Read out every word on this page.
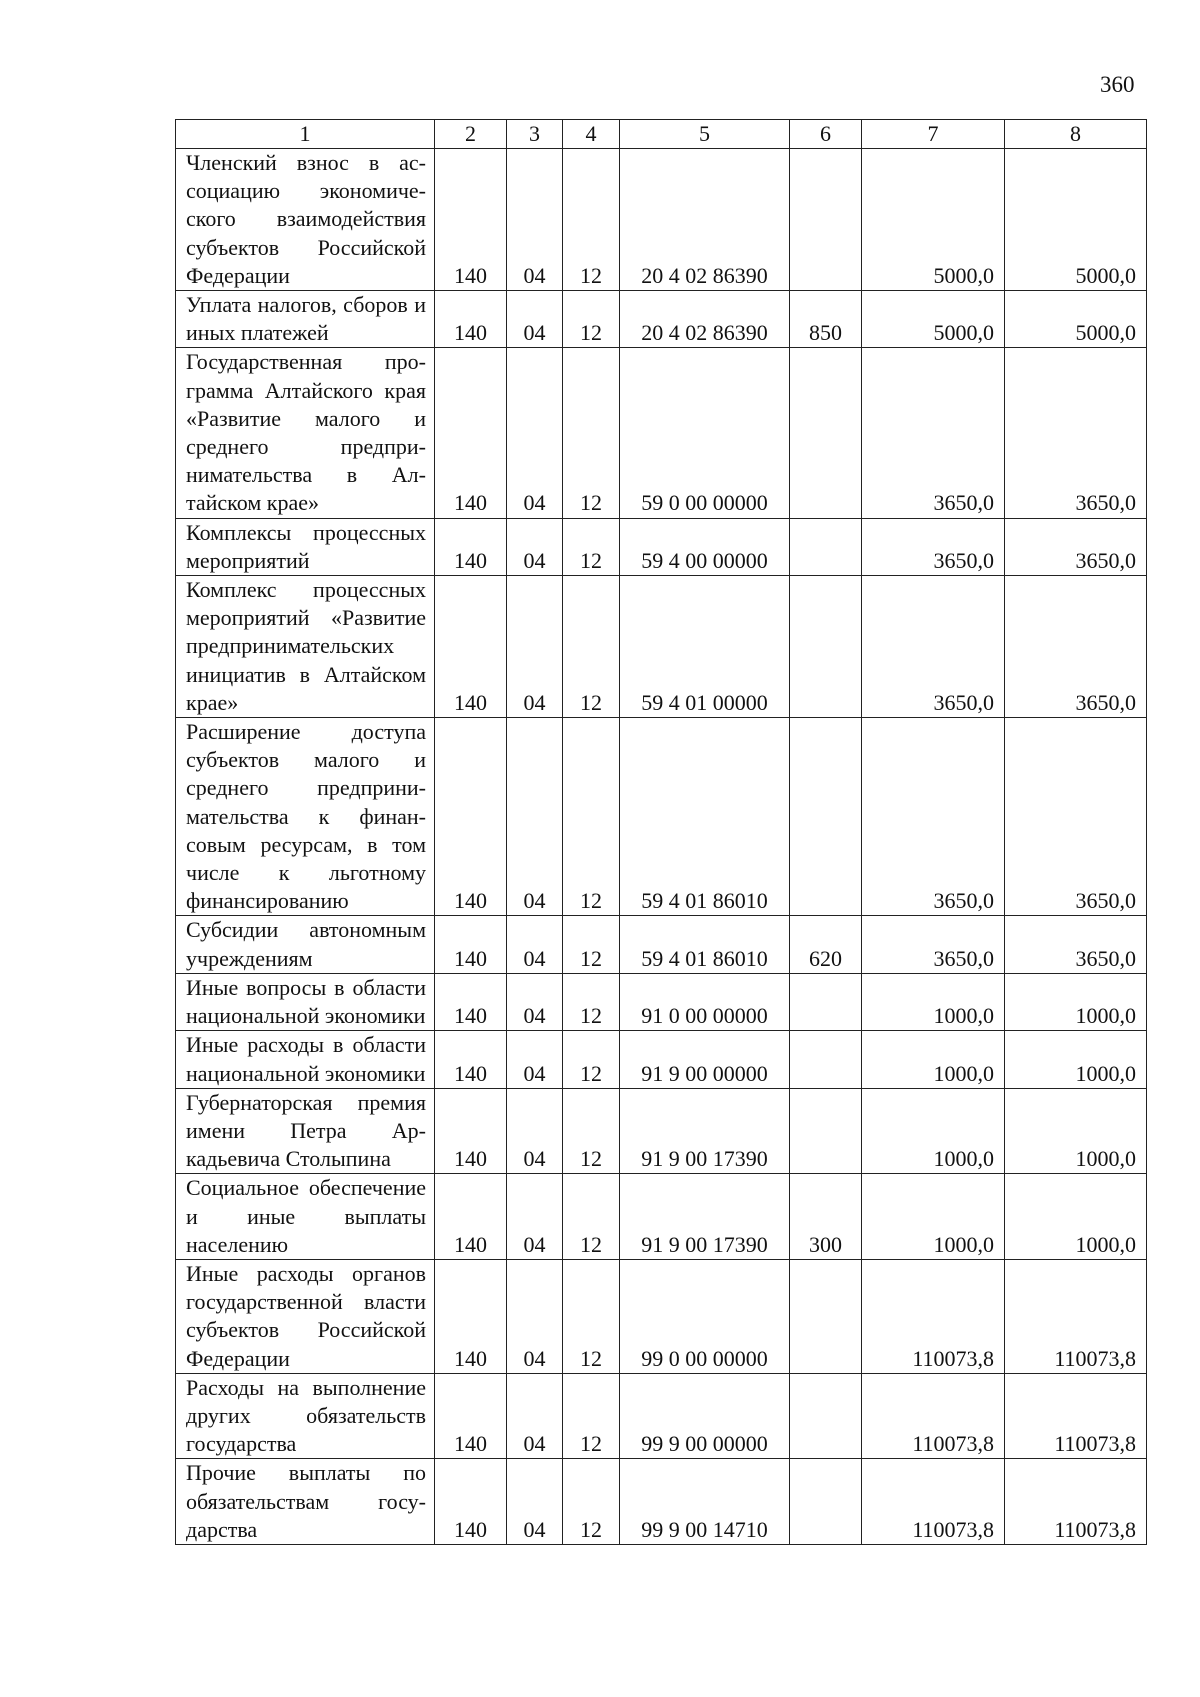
360
1	2	3	4	5	6	7	8
Членский взнос в ассоциацию экономического взаимодействия субъектов Российской Федерации	140	04	12	20 4 02 86390		5000,0	5000,0
Уплата налогов, сборов и иных платежей	140	04	12	20 4 02 86390	850	5000,0	5000,0
Государственная программа Алтайского края «Развитие малого и среднего предпринимательства в Алтайском крае»	140	04	12	59 0 00 00000		3650,0	3650,0
Комплексы процессных мероприятий	140	04	12	59 4 00 00000		3650,0	3650,0
Комплекс процессных мероприятий «Развитие предпринимательских инициатив в Алтайском крае»	140	04	12	59 4 01 00000		3650,0	3650,0
Расширение доступа субъектов малого и среднего предпринимательства к финансовым ресурсам, в том числе к льготному финансированию	140	04	12	59 4 01 86010		3650,0	3650,0
Субсидии автономным учреждениям	140	04	12	59 4 01 86010	620	3650,0	3650,0
Иные вопросы в области национальной экономики	140	04	12	91 0 00 00000		1000,0	1000,0
Иные расходы в области национальной экономики	140	04	12	91 9 00 00000		1000,0	1000,0
Губернаторская премия имени Петра Аркадьевича Столыпина	140	04	12	91 9 00 17390		1000,0	1000,0
Социальное обеспечение и иные выплаты населению	140	04	12	91 9 00 17390	300	1000,0	1000,0
Иные расходы органов государственной власти субъектов Российской Федерации	140	04	12	99 0 00 00000		110073,8	110073,8
Расходы на выполнение других обязательств государства	140	04	12	99 9 00 00000		110073,8	110073,8
Прочие выплаты по обязательствам государства	140	04	12	99 9 00 14710		110073,8	110073,8
